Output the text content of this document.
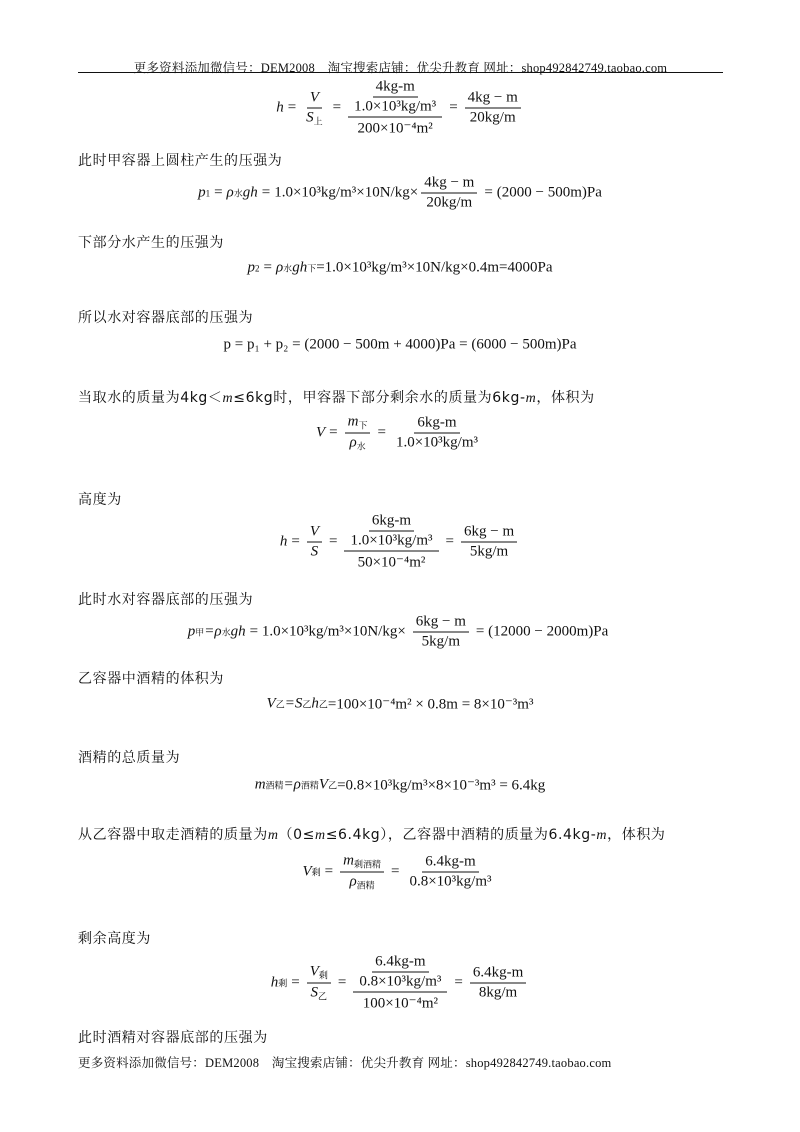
更多资料添加微信号：DEM2008　淘宝搜索店铺：优尖升教育 网址：shop492842749.taobao.com
$h = \frac{V}{S_上} = \frac{\frac{4kg-m}{\text{1.0×10³kg/m³}}}{\text{200×10⁻⁴m²}} = \frac{4kg - m}{20kg/m}$
此时甲容器上圆柱产生的压强为
p 1 = ρ 水 gh = $1.0\times 10^3kg/m^3\times 10N/kg\times \frac{4kg - m}{20kg/m} = (2000 - 500m)Pa$
下部分水产生的压强为
p 2 = ρ 水 gh 下 =1.0×10³kg/m³×10N/kg×0.4m=4000Pa
所以水对容器底部的压强为
p = p₁ + p₂ = (2000 − 500m + 4000)Pa = (6000 − 500m)Pa
当取水的质量为4kg＜m≤6kg时，甲容器下部分剩余水的质量为6kg-m，体积为
$V = \frac{m_下}{\rho_水} = \frac{6kg-m}{\text{1.0×10³kg/m³}}$
高度为
$h = \frac{V}{S} = \frac{\frac{6kg-m}{\text{1.0×10³kg/m³}}}{\text{50×10⁻⁴m²}} = \frac{6kg - m}{5kg/m}$
此时水对容器底部的压强为
p 甲 =ρ 水 gh = $1.0\times 10^3kg/m^3\times 10N/kg\times \frac{6kg - m}{5kg/m} = (12000 - 2000m)Pa$
乙容器中酒精的体积为
V 乙 =S 乙 h 乙 =100×10⁻⁴m² × 0.8m = 8×10⁻³m³
酒精的总质量为
m 酒精 =ρ 酒精 V 乙 =0.8×10³kg/m³×8×10⁻³m³ = 6.4kg
从乙容器中取走酒精的质量为m（0≤m≤6.4kg），乙容器中酒精的质量为6.4kg-m，体积为
V 剩 = $\frac{m_{剩酒精}}{\rho_{酒精}} = \frac{6.4kg-m}{\text{0.8×10³kg/m³}}$
剩余高度为
h 剩 = $\frac{V_剩}{S_乙} = \frac{\frac{6.4kg-m}{\text{0.8×10³kg/m³}}}{\text{100×10⁻⁴m²}} = \frac{6.4kg-m}{8kg/m}$
此时酒精对容器底部的压强为
更多资料添加微信号：DEM2008　淘宝搜索店铺：优尖升教育 网址：shop492842749.taobao.com
